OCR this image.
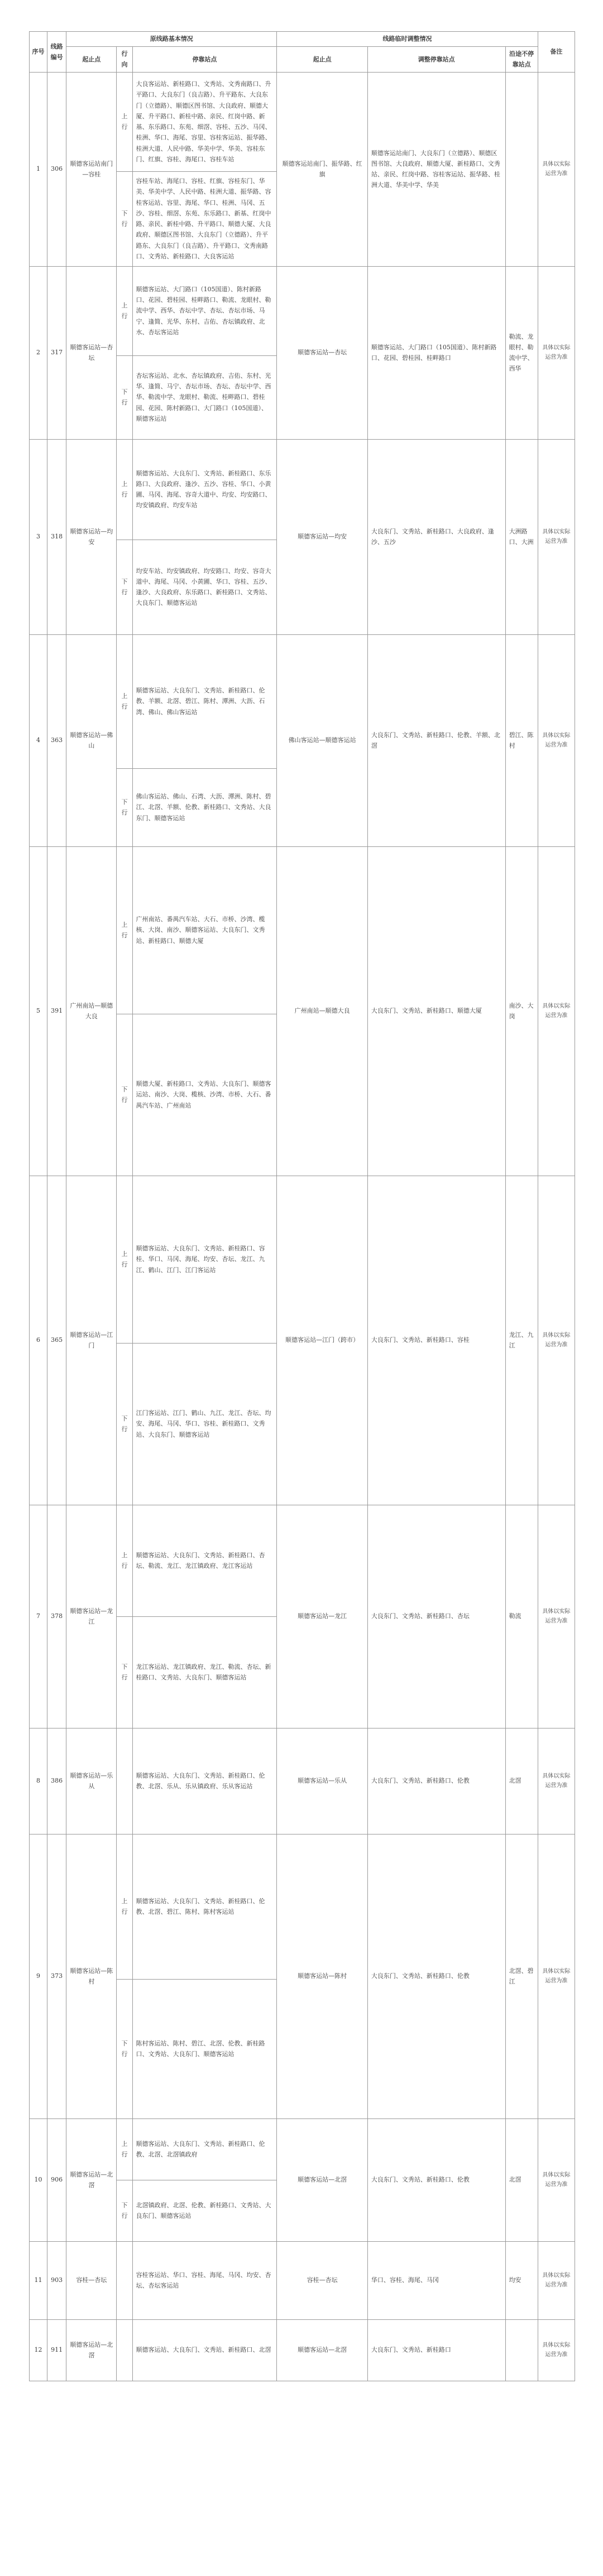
序号	线路编号	原线路基本情况			线路临时调整情况			备注
		起止点	行向	停靠站点	起止点	调整停靠站点	沿途不停靠站点	
1	306	顺德客运站南门—容桂	上行	大良客运站、新桂路口、文秀站、文秀南路口、升平路口、大良东门（良吉路）、升平路东、大良东门（立德路）、顺德区图书馆、大良政府、顺德大厦、升平路口、新桂中路、亲民、红岗中路、新基、东乐路口、东苑、细滘、容桂、五沙、马冈、桂洲、华口、海尾、容里、容桂客运站、振华路、桂洲大道、人民中路、华美中学、华美、容桂东门、红旗、容桂、海尾口、容桂车站	顺德客运站南门、振华路、红旗	顺德客运站南门、大良东门（立德路）、顺德区图书馆、大良政府、顺德大厦、新桂路口、文秀站、亲民、红岗中路、容桂客运站、振华路、桂洲大道、华美中学、华美		具体以实际运营为准
			下行	容桂车站、海尾口、容桂、红旗、容桂东门、华美、华美中学、人民中路、桂洲大道、振华路、容桂客运站、容里、海尾、华口、桂洲、马冈、五沙、容桂、细滘、东苑、东乐路口、新基、红岗中路、亲民、新桂中路、升平路口、顺德大厦、大良政府、顺德区图书馆、大良东门（立德路）、升平路东、大良东门（良吉路）、升平路口、文秀南路口、文秀站、新桂路口、大良客运站				
2	317	顺德客运站—杏坛	上行	顺德客运站、大门路口（105国道）、陈村新路口、花园、碧桂园、桂畔路口、勒流、龙眼村、勒流中学、西华、杏坛中学、杏坛、杏坛市场、马宁、逢简、光华、东村、吉佑、杏坛镇政府、北水、杏坛客运站	顺德客运站—杏坛	顺德客运站、大门路口（105国道）、陈村新路口、花园、碧桂园、桂畔路口	勒流、龙眼村、勒流中学、西华	具体以实际运营为准
			下行	杏坛客运站、北水、杏坛镇政府、吉佑、东村、光华、逢简、马宁、杏坛市场、杏坛、杏坛中学、西华、勒流中学、龙眼村、勒流、桂畔路口、碧桂园、花园、陈村新路口、大门路口（105国道）、顺德客运站				
3	318	顺德客运站—均安	上行	顺德客运站、大良东门、文秀站、新桂路口、东乐路口、大良政府、逢沙、五沙、容桂、华口、小黄圃、马冈、海尾、容奇大道中、均安、均安路口、均安镇政府、均安车站	顺德客运站—均安	大良东门、文秀站、新桂路口、大良政府、逢沙、五沙	大洲路口、大洲	具体以实际运营为准
			下行	均安车站、均安镇政府、均安路口、均安、容奇大道中、海尾、马冈、小黄圃、华口、容桂、五沙、逢沙、大良政府、东乐路口、新桂路口、文秀站、大良东门、顺德客运站				
4	363	顺德客运站—佛山	上行	顺德客运站、大良东门、文秀站、新桂路口、伦教、羊额、北滘、碧江、陈村、潭洲、大沥、石湾、佛山、佛山客运站	佛山客运站—顺德客运站	大良东门、文秀站、新桂路口、伦教、羊额、北滘	碧江、陈村	具体以实际运营为准
			下行	佛山客运站、佛山、石湾、大沥、潭洲、陈村、碧江、北滘、羊额、伦教、新桂路口、文秀站、大良东门、顺德客运站				
5	391	广州南站—顺德大良	上行	广州南站、番禺汽车站、大石、市桥、沙湾、榄核、大岗、南沙、顺德客运站、大良东门、文秀站、新桂路口、顺德大厦	广州南站—顺德大良	大良东门、文秀站、新桂路口、顺德大厦	南沙、大岗	具体以实际运营为准
			下行	顺德大厦、新桂路口、文秀站、大良东门、顺德客运站、南沙、大岗、榄核、沙湾、市桥、大石、番禺汽车站、广州南站				
6	365	顺德客运站—江门	上行	顺德客运站、大良东门、文秀站、新桂路口、容桂、华口、马冈、海尾、均安、杏坛、龙江、九江、鹤山、江门、江门客运站	顺德客运站—江门（跨市）	大良东门、文秀站、新桂路口、容桂	龙江、九江	具体以实际运营为准
			下行	江门客运站、江门、鹤山、九江、龙江、杏坛、均安、海尾、马冈、华口、容桂、新桂路口、文秀站、大良东门、顺德客运站				
7	378	顺德客运站—龙江	上行	顺德客运站、大良东门、文秀站、新桂路口、杏坛、勒流、龙江、龙江镇政府、龙江客运站	顺德客运站—龙江	大良东门、文秀站、新桂路口、杏坛	勒流	具体以实际运营为准
			下行	龙江客运站、龙江镇政府、龙江、勒流、杏坛、新桂路口、文秀站、大良东门、顺德客运站				
8	386	顺德客运站—乐从		顺德客运站、大良东门、文秀站、新桂路口、伦教、北滘、乐从、乐从镇政府、乐从客运站	顺德客运站—乐从	大良东门、文秀站、新桂路口、伦教	北滘	具体以实际运营为准
9	373	顺德客运站—陈村	上行	顺德客运站、大良东门、文秀站、新桂路口、伦教、北滘、碧江、陈村、陈村客运站	顺德客运站—陈村	大良东门、文秀站、新桂路口、伦教	北滘、碧江	具体以实际运营为准
			下行	陈村客运站、陈村、碧江、北滘、伦教、新桂路口、文秀站、大良东门、顺德客运站				
10	906	顺德客运站—北滘	上行	顺德客运站、大良东门、文秀站、新桂路口、伦教、北滘、北滘镇政府	顺德客运站—北滘	大良东门、文秀站、新桂路口、伦教	北滘	具体以实际运营为准
			下行	北滘镇政府、北滘、伦教、新桂路口、文秀站、大良东门、顺德客运站				
11	903	容桂—杏坛		容桂客运站、华口、容桂、海尾、马冈、均安、杏坛、杏坛客运站	容桂—杏坛	华口、容桂、海尾、马冈	均安	具体以实际运营为准
12	911	顺德客运站—北滘		顺德客运站、大良东门、文秀站、新桂路口、北滘	顺德客运站—北滘	大良东门、文秀站、新桂路口		具体以实际运营为准
